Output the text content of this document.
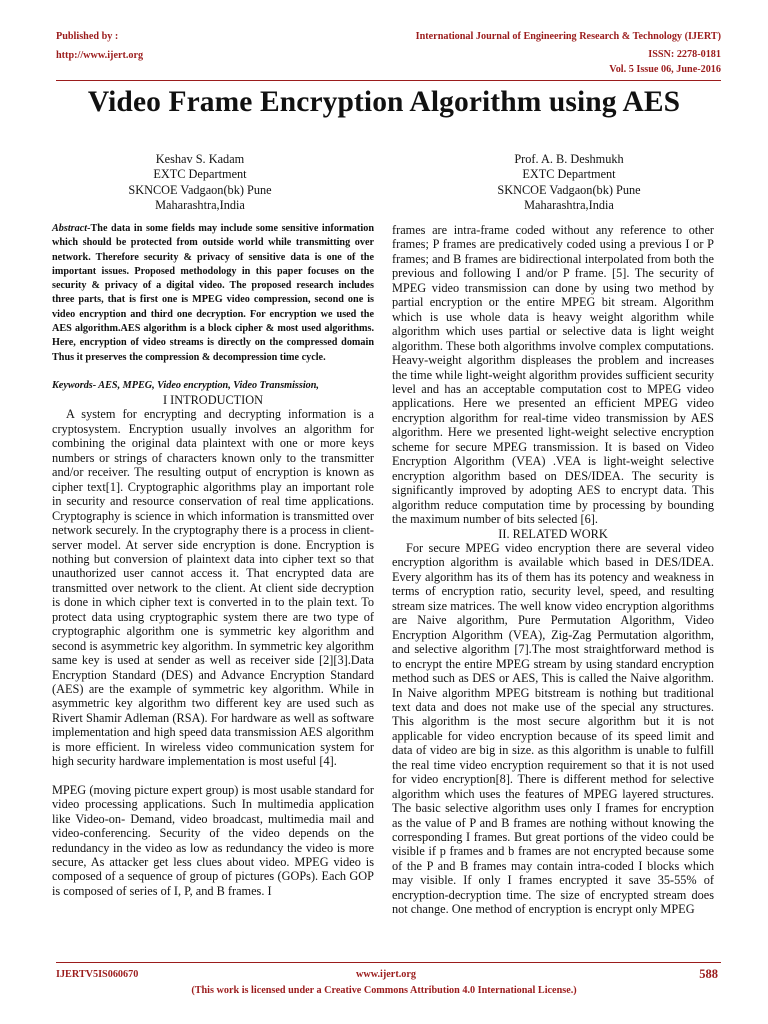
Published by :
http://www.ijert.org
International Journal of Engineering Research & Technology (IJERT)
ISSN: 2278-0181
Vol. 5 Issue 06, June-2016
Video Frame Encryption Algorithm using AES
Keshav S. Kadam
EXTC Department
SKNCOE Vadgaon(bk) Pune
Maharashtra,India
Prof. A. B. Deshmukh
EXTC Department
SKNCOE Vadgaon(bk) Pune
Maharashtra,India

Abstract-The data in some fields may include some sensitive information which should be protected from outside world while transmitting over network. Therefore security & privacy of sensitive data is one of the important issues. Proposed methodology in this paper focuses on the security & privacy of a digital video. The proposed research includes three parts, that is first one is MPEG video compression, second one is video encryption and third one decryption. For encryption we used the AES algorithm.AES algorithm is a block cipher & most used algorithms. Here, encryption of video streams is directly on the compressed domain Thus it preserves the compression & decompression time cycle.

Keywords- AES, MPEG, Video encryption, Video Transmission,

I INTRODUCTION

A system for encrypting and decrypting information is a cryptosystem. Encryption usually involves an algorithm for combining the original data plaintext with one or more keys numbers or strings of characters known only to the transmitter and/or receiver. The resulting output of encryption is known as cipher text[1]. Cryptographic algorithms play an important role in security and resource conservation of real time applications. Cryptography is science in which information is transmitted over network securely. In the cryptography there is a process in client-server model. At server side encryption is done. Encryption is nothing but conversion of plaintext data into cipher text so that unauthorized user cannot access it. That encrypted data are transmitted over network to the client. At client side decryption is done in which cipher text is converted in to the plain text. To protect data using cryptographic system there are two type of cryptographic algorithm one is symmetric key algorithm and second is asymmetric key algorithm. In symmetric key algorithm same key is used at sender as well as receiver side [2][3].Data Encryption Standard (DES) and Advance Encryption Standard (AES) are the example of symmetric key algorithm. While in asymmetric key algorithm two different key are used such as Rivert Shamir Adleman (RSA). For hardware as well as software implementation and high speed data transmission AES algorithm is more efficient. In wireless video communication system for high security hardware implementation is most useful [4].

MPEG (moving picture expert group) is most usable standard for video processing applications. Such In multimedia application like Video-on- Demand, video broadcast, multimedia mail and video-conferencing. Security of the video depends on the redundancy in the video as low as redundancy the video is more secure, As attacker get less clues about video. MPEG video is composed of a sequence of group of pictures (GOPs). Each GOP is composed of series of I, P, and B frames. I

frames are intra-frame coded without any reference to other frames; P frames are predicatively coded using a previous I or P frames; and B frames are bidirectional interpolated from both the previous and following I and/or P frame. [5]. The security of MPEG video transmission can done by using two method by partial encryption or the entire MPEG bit stream. Algorithm which is use whole data is heavy weight algorithm while algorithm which uses partial or selective data is light weight algorithm. These both algorithms involve complex computations. Heavy-weight algorithm displeases the problem and increases the time while light-weight algorithm provides sufficient security level and has an acceptable computation cost to MPEG video applications. Here we presented an efficient MPEG video encryption algorithm for real-time video transmission by AES algorithm. Here we presented light-weight selective encryption scheme for secure MPEG transmission. It is based on Video Encryption Algorithm (VEA) .VEA is light-weight selective encryption algorithm based on DES/IDEA. The security is significantly improved by adopting AES to encrypt data. This algorithm reduce computation time by processing by bounding the maximum number of bits selected [6].

II. RELATED WORK

For secure MPEG video encryption there are several video encryption algorithm is available which based in DES/IDEA. Every algorithm has its of them has its potency and weakness in terms of encryption ratio, security level, speed, and resulting stream size matrices. The well know video encryption algorithms are Naive algorithm, Pure Permutation Algorithm, Video Encryption Algorithm (VEA), Zig-Zag Permutation algorithm, and selective algorithm [7].The most straightforward method is to encrypt the entire MPEG stream by using standard encryption method such as DES or AES, This is called the Naive algorithm. In Naive algorithm MPEG bitstream is nothing but traditional text data and does not make use of the special any structures. This algorithm is the most secure algorithm but it is not applicable for video encryption because of its speed limit and data of video are big in size. as this algorithm is unable to fulfill the real time video encryption requirement so that it is not used for video encryption[8]. There is different method for selective algorithm which uses the features of MPEG layered structures. The basic selective algorithm uses only I frames for encryption as the value of P and B frames are nothing without knowing the corresponding I frames. But great portions of the video could be visible if p frames and b frames are not encrypted because some of the P and B frames may contain intra-coded I blocks which may visible. If only I frames encrypted it save 35-55% of encryption-decryption time. The size of encrypted stream does not change. One method of encryption is encrypt only MPEG

IJERTV5IS060670	www.ijert.org	588
(This work is licensed under a Creative Commons Attribution 4.0 International License.)
